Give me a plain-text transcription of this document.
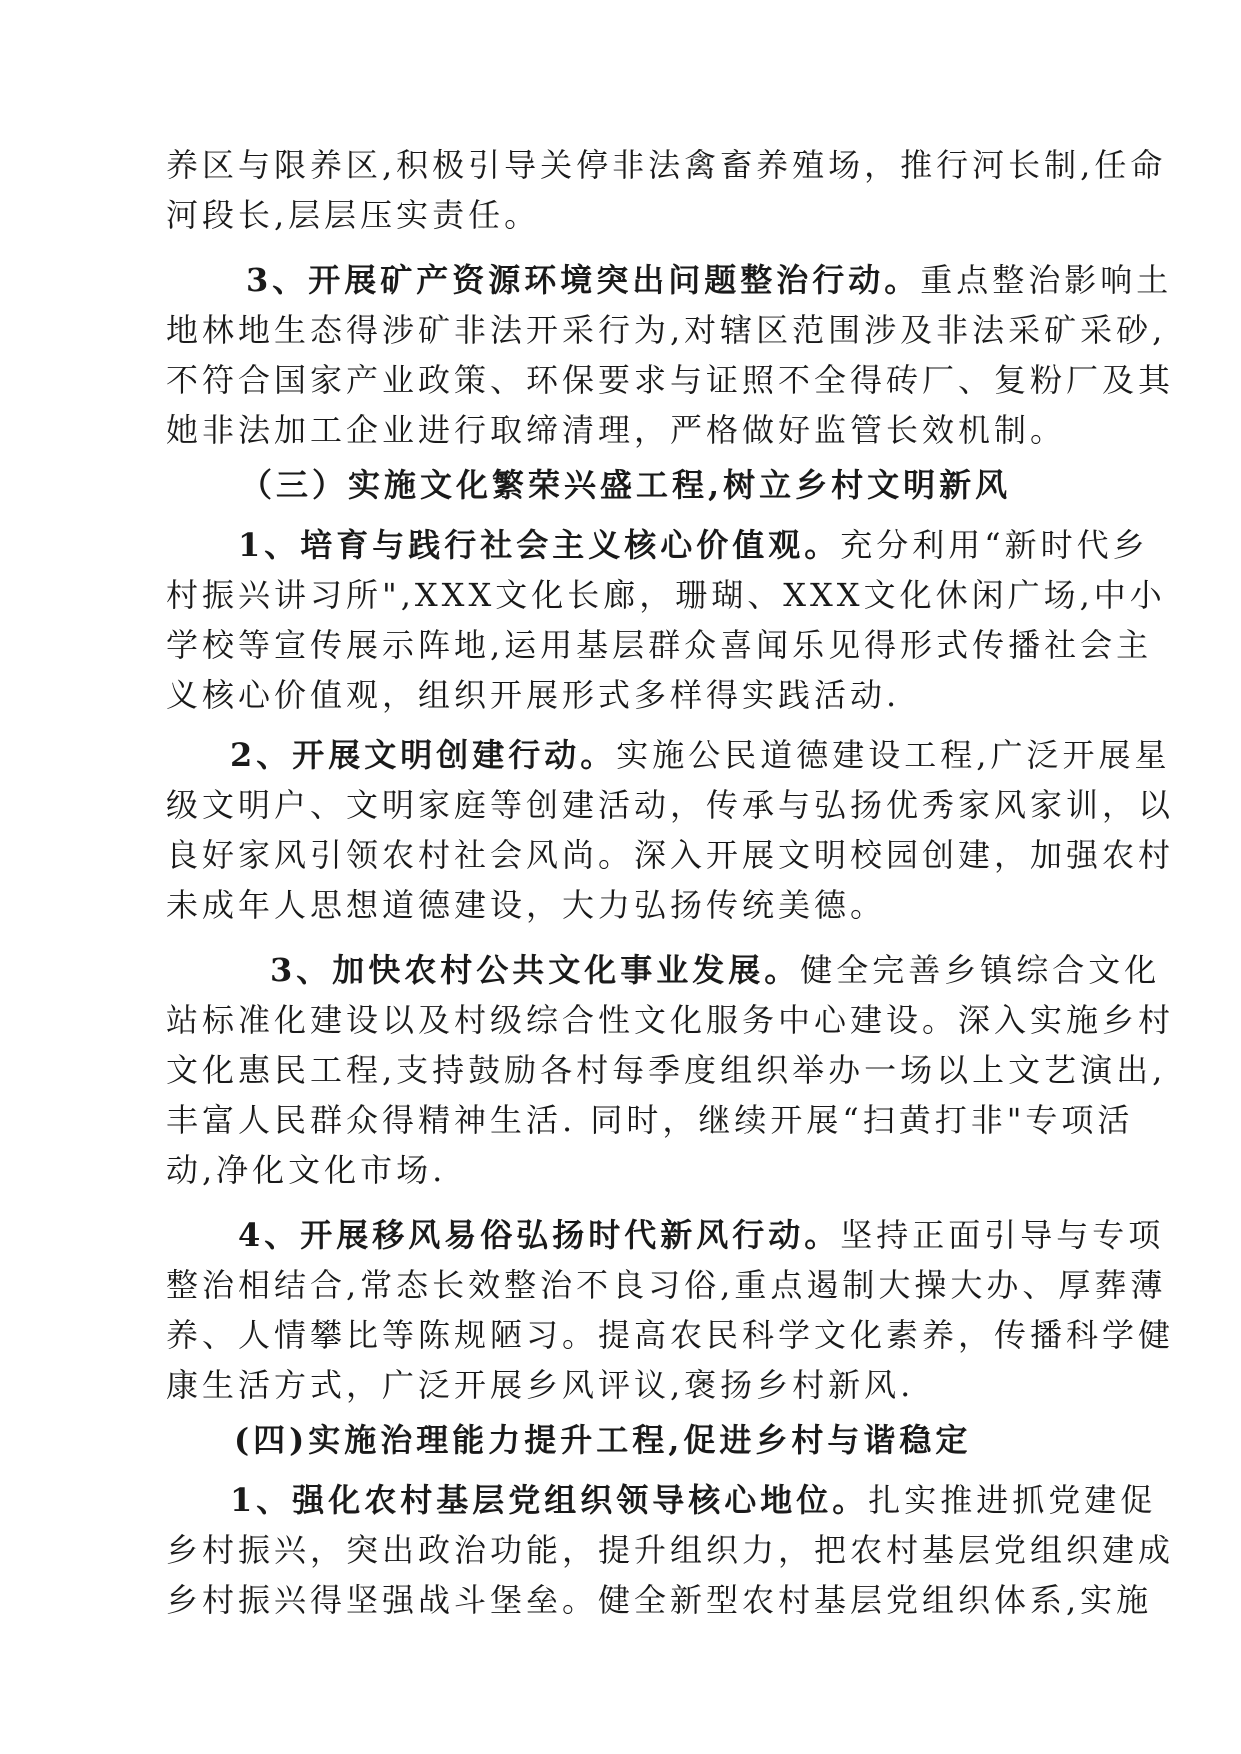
养区与限养区,积极引导关停非法禽畜养殖场，推行河长制,任命
河段长,层层压实责任。
3、开展矿产资源环境突出问题整治行动。重点整治影响土
地林地生态得涉矿非法开采行为,对辖区范围涉及非法采矿采砂,
不符合国家产业政策、环保要求与证照不全得砖厂、复粉厂及其
她非法加工企业进行取缔清理，严格做好监管长效机制。
（三）实施文化繁荣兴盛工程,树立乡村文明新风
1、培育与践行社会主义核心价值观。充分利用“新时代乡
村振兴讲习所",XXX文化长廊，珊瑚、XXX文化休闲广场,中小
学校等宣传展示阵地,运用基层群众喜闻乐见得形式传播社会主
义核心价值观，组织开展形式多样得实践活动.
2、开展文明创建行动。实施公民道德建设工程,广泛开展星
级文明户、文明家庭等创建活动，传承与弘扬优秀家风家训，以
良好家风引领农村社会风尚。深入开展文明校园创建，加强农村
未成年人思想道德建设，大力弘扬传统美德。
3、加快农村公共文化事业发展。健全完善乡镇综合文化
站标准化建设以及村级综合性文化服务中心建设。深入实施乡村
文化惠民工程,支持鼓励各村每季度组织举办一场以上文艺演出,
丰富人民群众得精神生活. 同时，继续开展“扫黄打非"专项活
动,净化文化市场.
4、开展移风易俗弘扬时代新风行动。坚持正面引导与专项
整治相结合,常态长效整治不良习俗,重点遏制大操大办、厚葬薄
养、人情攀比等陈规陋习。提高农民科学文化素养，传播科学健
康生活方式，广泛开展乡风评议,褒扬乡村新风.
(四)实施治理能力提升工程,促进乡村与谐稳定
1、强化农村基层党组织领导核心地位。扎实推进抓党建促
乡村振兴，突出政治功能，提升组织力，把农村基层党组织建成
乡村振兴得坚强战斗堡垒。健全新型农村基层党组织体系,实施
